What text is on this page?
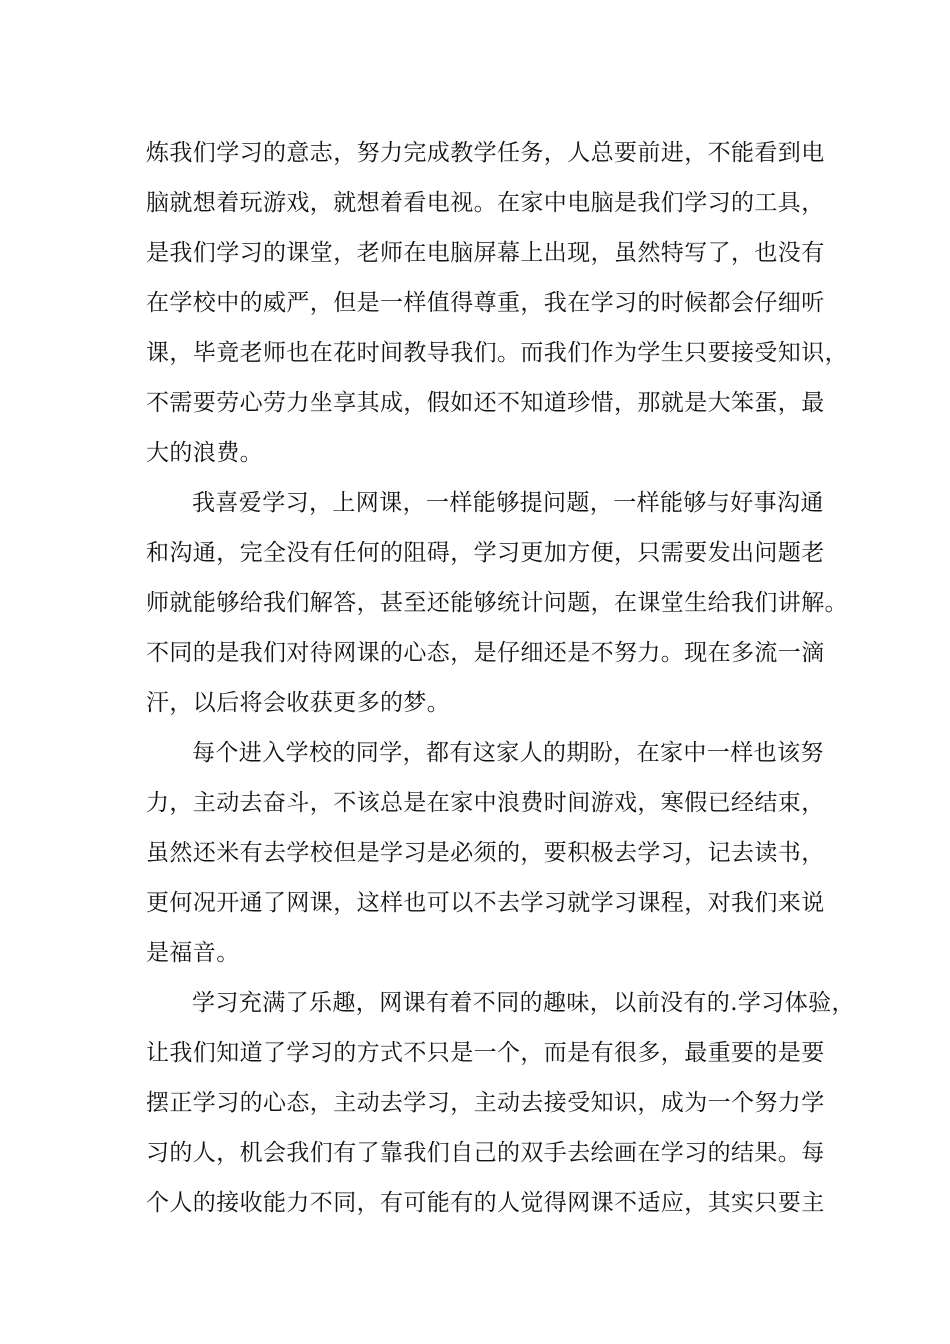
炼我们学习的意志，努力完成教学任务，人总要前进，不能看到电
脑就想着玩游戏，就想着看电视。在家中电脑是我们学习的工具，
是我们学习的课堂，老师在电脑屏幕上出现，虽然特写了，也没有
在学校中的威严，但是一样值得尊重，我在学习的时候都会仔细听
课，毕竟老师也在花时间教导我们。而我们作为学生只要接受知识，
不需要劳心劳力坐享其成，假如还不知道珍惜，那就是大笨蛋，最
大的浪费。
我喜爱学习，上网课，一样能够提问题，一样能够与好事沟通
和沟通，完全没有任何的阻碍，学习更加方便，只需要发出问题老
师就能够给我们解答，甚至还能够统计问题，在课堂生给我们讲解。
不同的是我们对待网课的心态，是仔细还是不努力。现在多流一滴
汗，以后将会收获更多的梦。
每个进入学校的同学，都有这家人的期盼，在家中一样也该努
力，主动去奋斗，不该总是在家中浪费时间游戏，寒假已经结束，
虽然还米有去学校但是学习是必须的，要积极去学习，记去读书，
更何况开通了网课，这样也可以不去学习就学习课程，对我们来说
是福音。
学习充满了乐趣，网课有着不同的趣味，以前没有的.学习体验，
让我们知道了学习的方式不只是一个，而是有很多，最重要的是要
摆正学习的心态，主动去学习，主动去接受知识，成为一个努力学
习的人，机会我们有了靠我们自己的双手去绘画在学习的结果。每
个人的接收能力不同，有可能有的人觉得网课不适应，其实只要主
